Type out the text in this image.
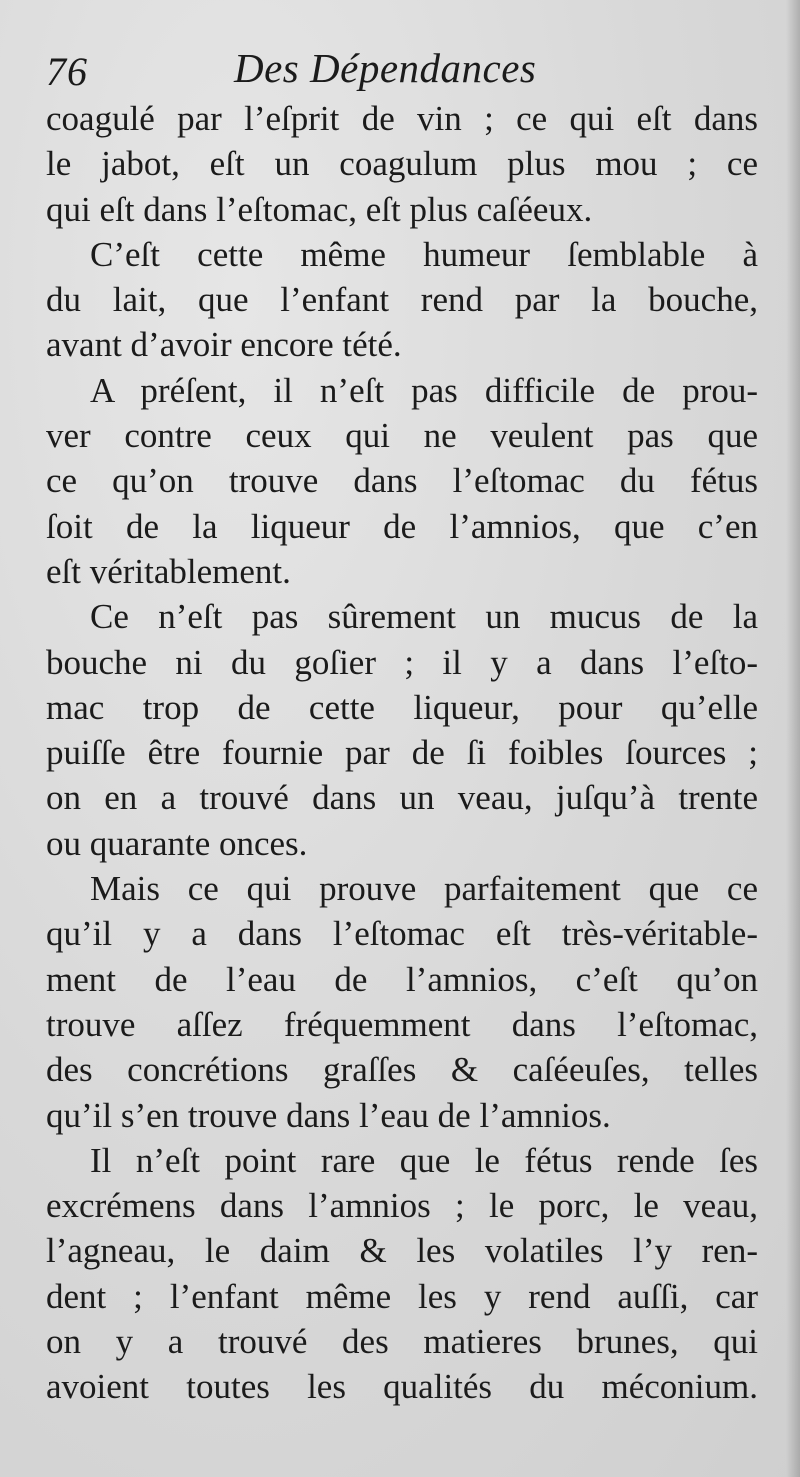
76	Des Dépendances
coagulé par l’eſprit de vin ; ce qui eſt dans
le jabot, eſt un coagulum plus mou ; ce
qui eſt dans l’eſtomac, eſt plus caſéeux.
C’eſt cette même humeur ſemblable à
du lait, que l’enfant rend par la bouche,
avant d’avoir encore tété.
A préſent, il n’eſt pas difficile de prou-
ver contre ceux qui ne veulent pas que
ce qu’on trouve dans l’eſtomac du fétus
ſoit de la liqueur de l’amnios, que c’en
eſt véritablement.
Ce n’eſt pas sûrement un mucus de la
bouche ni du goſier ; il y a dans l’eſto-
mac trop de cette liqueur, pour qu’elle
puiſſe être fournie par de ſi foibles ſources ;
on en a trouvé dans un veau, juſqu’à trente
ou quarante onces.
Mais ce qui prouve parfaitement que ce
qu’il y a dans l’eſtomac eſt très-véritable-
ment de l’eau de l’amnios, c’eſt qu’on
trouve aſſez fréquemment dans l’eſtomac,
des concrétions graſſes & caſéeuſes, telles
qu’il s’en trouve dans l’eau de l’amnios.
Il n’eſt point rare que le fétus rende ſes
excrémens dans l’amnios ; le porc, le veau,
l’agneau, le daim & les volatiles l’y ren-
dent ; l’enfant même les y rend auſſi, car
on y a trouvé des matieres brunes, qui
avoient toutes les qualités du méconium.
